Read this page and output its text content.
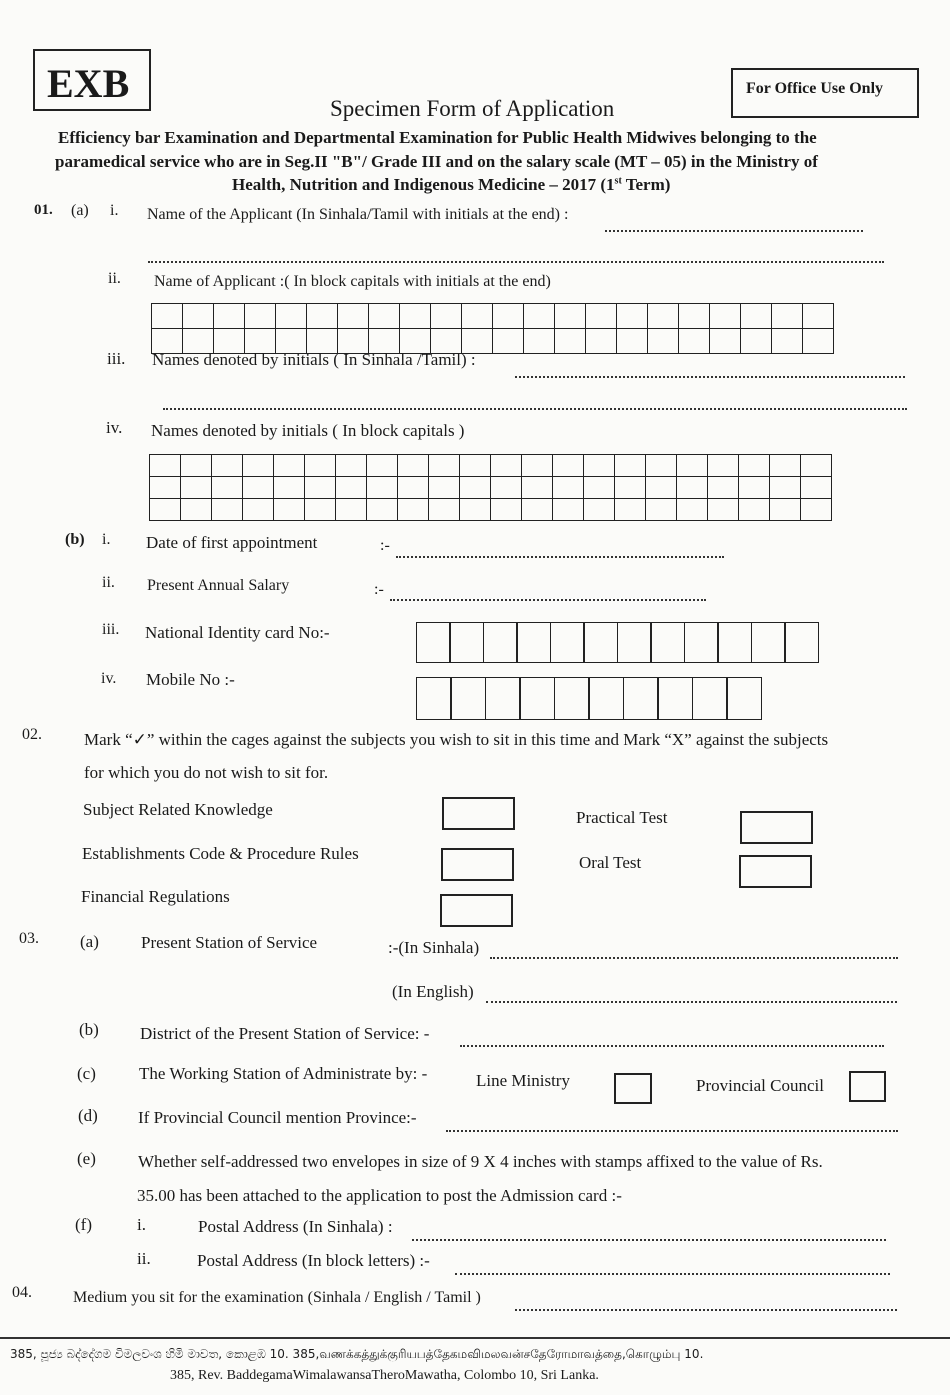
EXB	For Office Use Only
Specimen Form of Application
Efficiency bar Examination and Departmental Examination for Public Health Midwives belonging to the
paramedical service who are in Seg.II "B"/ Grade III and on the salary scale (MT – 05) in the Ministry of
Health, Nutrition and Indigenous Medicine – 2017 (1st Term)
01. (a) i. Name of the Applicant (In Sinhala/Tamil with initials at the end) :
ii. Name of Applicant :( In block capitals with initials at the end)
iii. Names denoted by initials ( In Sinhala /Tamil) :
iv. Names denoted by initials ( In block capitals )
(b) i. Date of first appointment	:-
ii. Present Annual Salary	:-
iii. National Identity card No:-
iv. Mobile No :-
02. Mark “✓” within the cages against the subjects you wish to sit in this time and Mark “X” against the subjects
for which you do not wish to sit for.
Subject Related Knowledge	Practical Test
Establishments Code & Procedure Rules	Oral Test
Financial Regulations
03. (a) Present Station of Service	:-(In Sinhala)
(In English)
(b) District of the Present Station of Service: -
(c)	The Working Station of Administrate by: -	Line Ministry	Provincial Council
(d) If Provincial Council mention Province:-
(e) Whether self-addressed two envelopes in size of 9 X 4 inches with stamps affixed to the value of Rs.
35.00 has been attached to the application to post the Admission card :-
(f)	i.	Postal Address (In Sinhala) :
ii.	Postal Address (In block letters) :-
04.	Medium you sit for the examination (Sinhala / English / Tamil )
385, පූජ්‍ය බද්දේගම විමලවංශ හිමි මාවත, කොළඹ 10. 385,வணக்கத்துக்குரியபத்தேகமவிமலவன்சதேரோமாவத்தை,கொழும்பு 10.
385, Rev. BaddegamaWimalawansaTheroMawatha, Colombo 10, Sri Lanka.
